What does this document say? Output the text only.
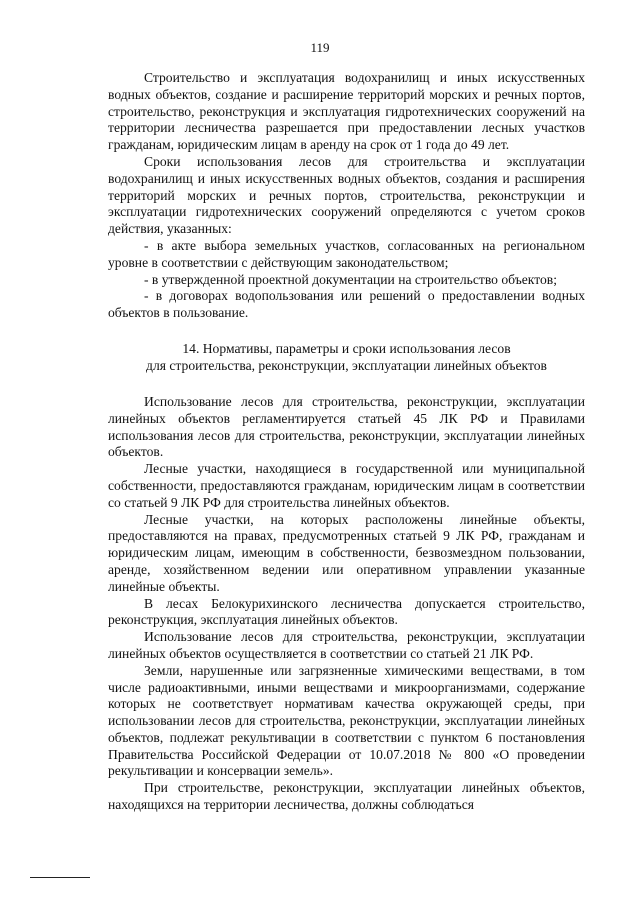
119

Строительство и эксплуатация водохранилищ и иных искусственных водных объектов, создание и расширение территорий морских и речных портов, строительство, реконструкция и эксплуатация гидротехнических сооружений на территории лесничества разрешается при предоставлении лесных участков гражданам, юридическим лицам в аренду на срок от 1 года до 49 лет.

Сроки использования лесов для строительства и эксплуатации водохранилищ и иных искусственных водных объектов, создания и расширения территорий морских и речных портов, строительства, реконструкции и эксплуатации гидротехнических сооружений определяются с учетом сроков действия, указанных:

- в акте выбора земельных участков, согласованных на региональном уровне в соответствии с действующим законодательством;

- в утвержденной проектной документации на строительство объектов;

- в договорах водопользования или решений о предоставлении водных объектов в пользование.

14. Нормативы, параметры и сроки использования лесов
для строительства, реконструкции, эксплуатации линейных объектов

Использование лесов для строительства, реконструкции, эксплуатации линейных объектов регламентируется статьей 45 ЛК РФ и Правилами использования лесов для строительства, реконструкции, эксплуатации линейных объектов.

Лесные участки, находящиеся в государственной или муниципальной собственности, предоставляются гражданам, юридическим лицам в соответствии со статьей 9 ЛК РФ для строительства линейных объектов.

Лесные участки, на которых расположены линейные объекты, предоставляются на правах, предусмотренных статьей 9 ЛК РФ, гражданам и юридическим лицам, имеющим в собственности, безвозмездном пользовании, аренде, хозяйственном ведении или оперативном управлении указанные линейные объекты.

В лесах Белокурихинского лесничества допускается строительство, реконструкция, эксплуатация линейных объектов.

Использование лесов для строительства, реконструкции, эксплуатации линейных объектов осуществляется в соответствии со статьей 21 ЛК РФ.

Земли, нарушенные или загрязненные химическими веществами, в том числе радиоактивными, иными веществами и микроорганизмами, содержание которых не соответствует нормативам качества окружающей среды, при использовании лесов для строительства, реконструкции, эксплуатации линейных объектов, подлежат рекультивации в соответствии с пунктом 6 постановления Правительства Российской Федерации от 10.07.2018 № 800 «О проведении рекультивации и консервации земель».

При строительстве, реконструкции, эксплуатации линейных объектов, находящихся на территории лесничества, должны соблюдаться
